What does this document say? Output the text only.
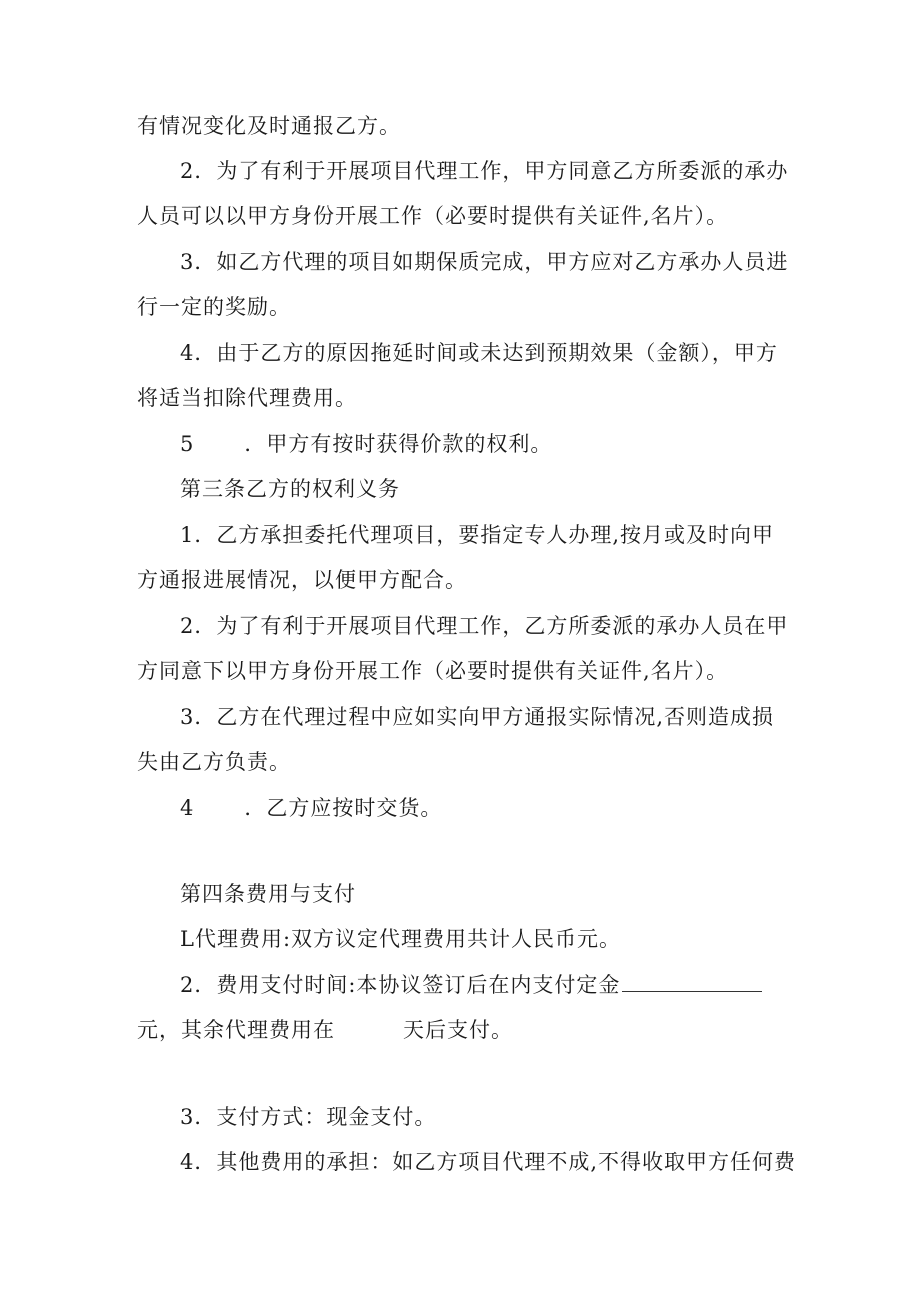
有情况变化及时通报乙方。
2．为了有利于开展项目代理工作，甲方同意乙方所委派的承办
人员可以以甲方身份开展工作（必要时提供有关证件,名片）。
3．如乙方代理的项目如期保质完成，甲方应对乙方承办人员进
行一定的奖励。
4．由于乙方的原因拖延时间或未达到预期效果（金额），甲方
将适当扣除代理费用。
5 ．甲方有按时获得价款的权利。
第三条乙方的权利义务
1．乙方承担委托代理项目，要指定专人办理,按月或及时向甲
方通报进展情况，以便甲方配合。
2．为了有利于开展项目代理工作，乙方所委派的承办人员在甲
方同意下以甲方身份开展工作（必要时提供有关证件,名片）。
3．乙方在代理过程中应如实向甲方通报实际情况,否则造成损
失由乙方负责。
4 ．乙方应按时交货。
第四条费用与支付
L代理费用:双方议定代理费用共计人民币元。
2．费用支付时间:本协议签订后在内支付定金
元，其余代理费用在	天后支付。
3．支付方式：现金支付。
4．其他费用的承担：如乙方项目代理不成,不得收取甲方任何费
